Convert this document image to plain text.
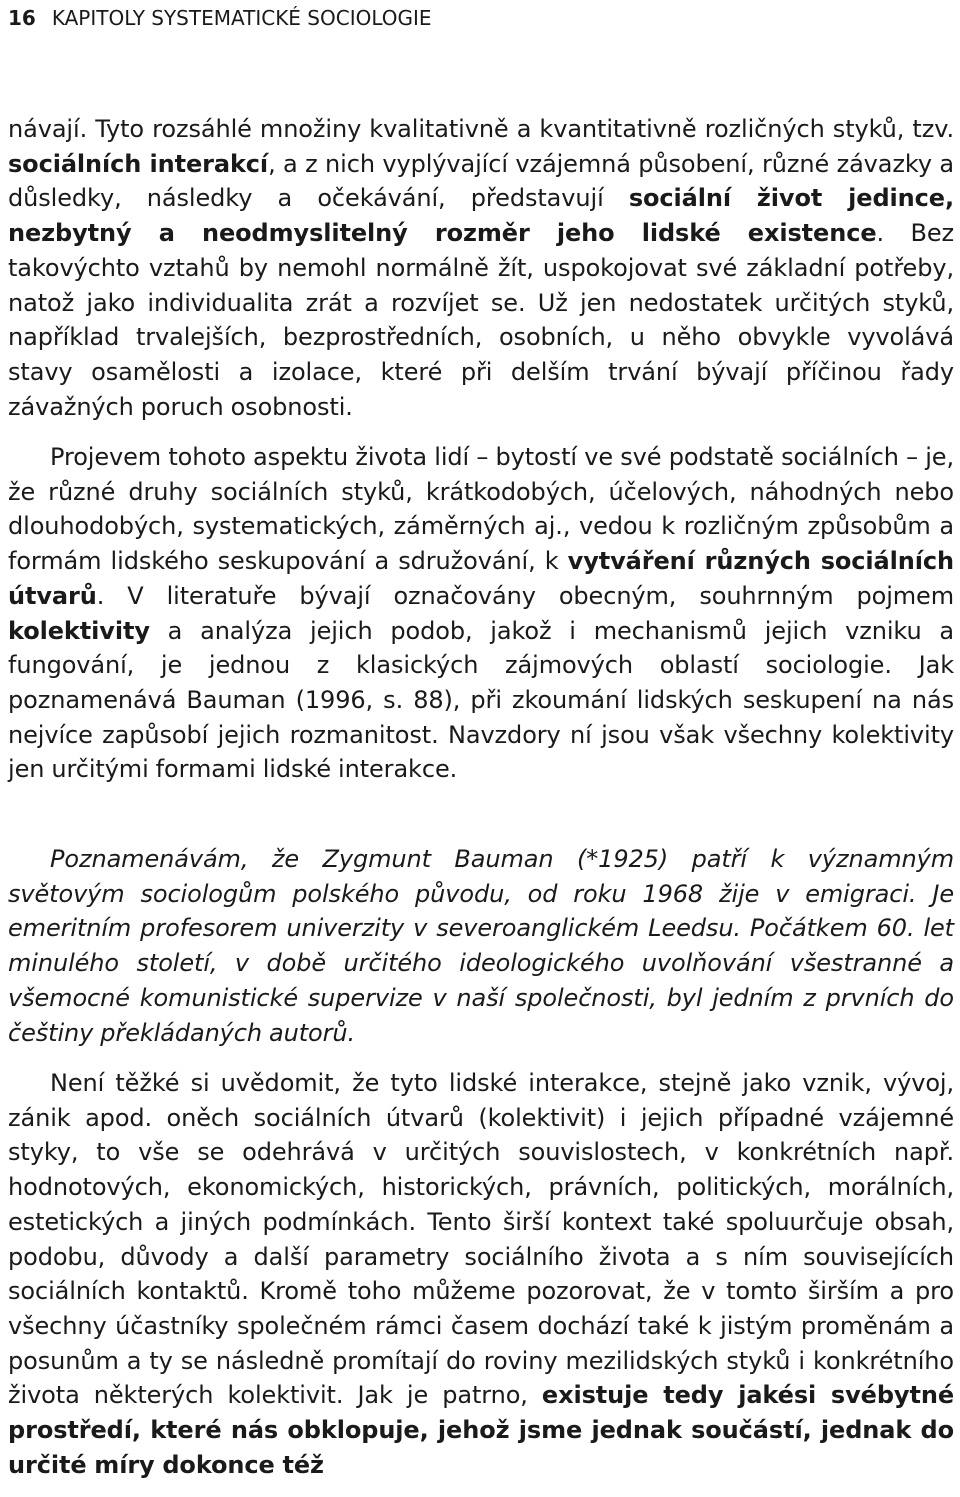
16 KAPITOLY SYSTEMATICKÉ SOCIOLOGIE

návají. Tyto rozsáhlé množiny kvalitativně a kvantitativně rozličných styků, tzv. sociálních interakcí, a z nich vyplývající vzájemná působení, různé závazky a důsledky, následky a očekávání, představují sociální život jedince, nezbytný a neodmyslitelný rozměr jeho lidské existence. Bez takovýchto vztahů by nemohl normálně žít, uspokojovat své základní potřeby, natož jako individualita zrát a rozvíjet se. Už jen nedostatek určitých styků, například trvalejších, bezprostředních, osobních, u něho obvykle vyvolává stavy osamělosti a izolace, které při delším trvání bývají příčinou řady závažných poruch osobnosti.

Projevem tohoto aspektu života lidí – bytostí ve své podstatě sociálních – je, že různé druhy sociálních styků, krátkodobých, účelových, náhodných nebo dlouhodobých, systematických, záměrných aj., vedou k rozličným způsobům a formám lidského seskupování a sdružování, k vytváření různých sociálních útvarů. V literatuře bývají označovány obecným, souhrnným pojmem kolektivity a analýza jejich podob, jakož i mechanismů jejich vzniku a fungování, je jednou z klasických zájmových oblastí sociologie. Jak poznamenává Bauman (1996, s. 88), při zkoumání lidských seskupení na nás nejvíce zapůsobí jejich rozmanitost. Navzdory ní jsou však všechny kolektivity jen určitými formami lidské interakce.

Poznamenávám, že Zygmunt Bauman (*1925) patří k významným světovým sociologům polského původu, od roku 1968 žije v emigraci. Je emeritním profesorem univerzity v severoanglickém Leedsu. Počátkem 60. let minulého století, v době určitého ideologického uvolňování všestranné a všemocné komunistické supervize v naší společnosti, byl jedním z prvních do češtiny překládaných autorů.

Není těžké si uvědomit, že tyto lidské interakce, stejně jako vznik, vývoj, zánik apod. oněch sociálních útvarů (kolektivit) i jejich případné vzájemné styky, to vše se odehrává v určitých souvislostech, v konkrétních např. hodnotových, ekonomických, historických, právních, politických, morálních, estetických a jiných podmínkách. Tento širší kontext také spoluurčuje obsah, podobu, důvody a další parametry sociálního života a s ním souvisejících sociálních kontaktů. Kromě toho můžeme pozorovat, že v tomto širším a pro všechny účastníky společném rámci časem dochází také k jistým proměnám a posunům a ty se následně promítají do roviny mezilidských styků i konkrétního života některých kolektivit. Jak je patrno, existuje tedy jakési svébytné prostředí, které nás obklopuje, jehož jsme jednak součástí, jednak do určité míry dokonce též
